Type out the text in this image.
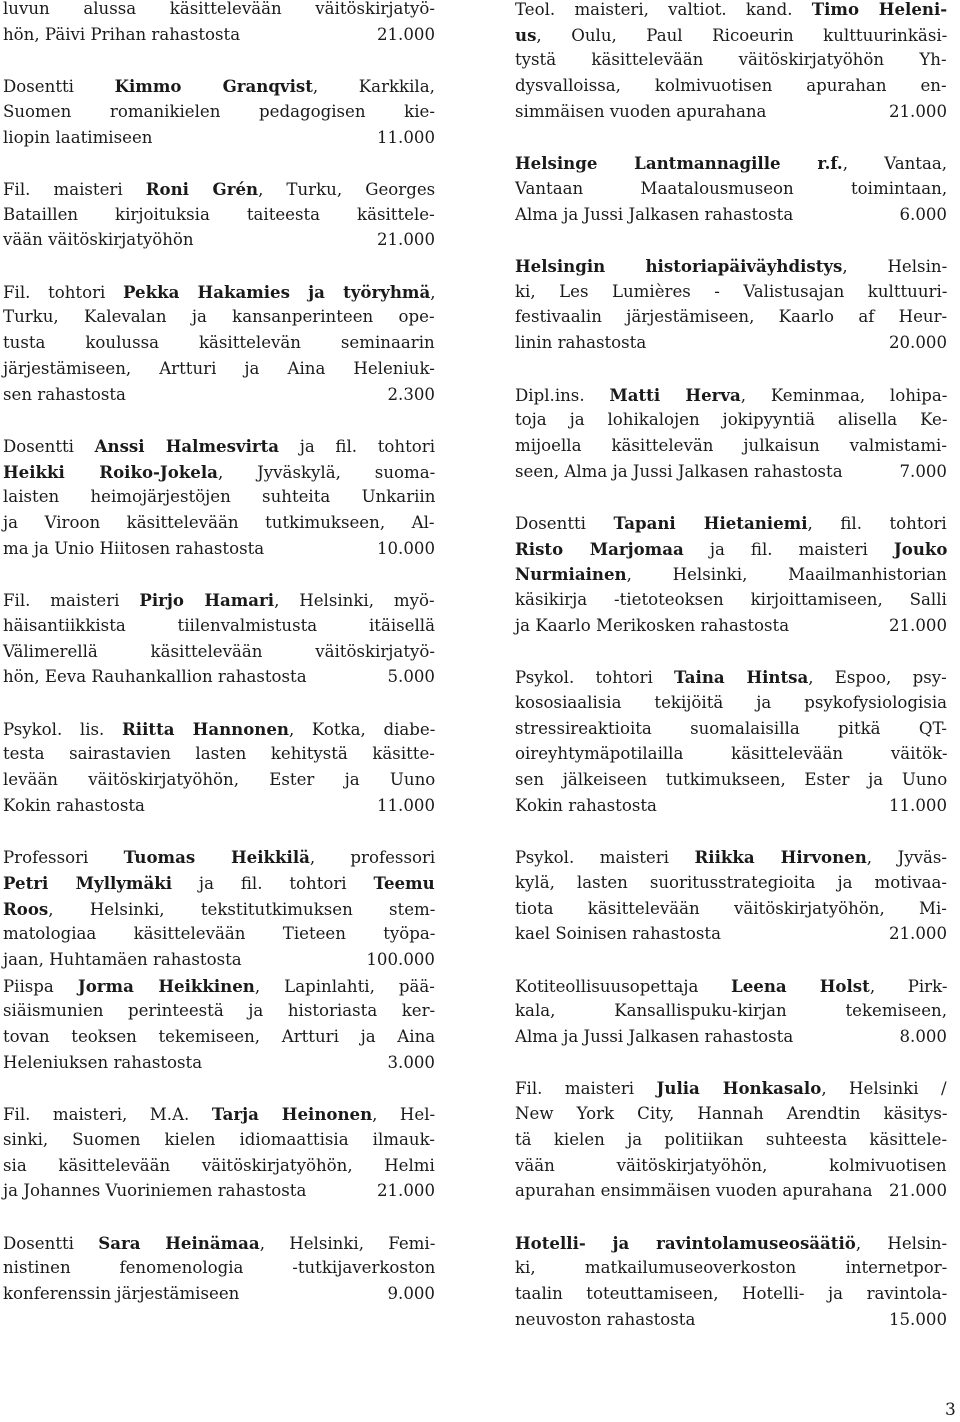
luvun alussa käsittelevään väitöskirjatyö-
hön, Päivi Prihan rahastosta	21.000
Dosentti Kimmo Granqvist, Karkkila,
Suomen romanikielen pedagogisen kie-
liopin laatimiseen	11.000
Fil. maisteri Roni Grén, Turku, Georges
Bataillen kirjoituksia taiteesta käsittele-
vään väitöskirjatyöhön	21.000
Fil. tohtori Pekka Hakamies ja työryhmä,
Turku, Kalevalan ja kansanperinteen ope-
tusta koulussa käsittelevän seminaarin
järjestämiseen, Artturi ja Aina Heleniuk-
sen rahastosta	2.300
Dosentti Anssi Halmesvirta ja fil. tohtori
Heikki Roiko-Jokela, Jyväskylä, suoma-
laisten heimojärjestöjen suhteita Unkariin
ja Viroon käsittelevään tutkimukseen, Al-
ma ja Unio Hiitosen rahastosta	10.000
Fil. maisteri Pirjo Hamari, Helsinki, myö-
häisantiikkista tiilenvalmistusta itäisellä
Välimerellä käsittelevään väitöskirjatyö-
hön, Eeva Rauhankallion rahastosta	5.000
Psykol. lis. Riitta Hannonen, Kotka, diabe-
testa sairastavien lasten kehitystä käsitte-
levään väitöskirjatyöhön, Ester ja Uuno
Kokin rahastosta	11.000
Professori Tuomas Heikkilä, professori
Petri Myllymäki ja fil. tohtori Teemu
Roos, Helsinki, tekstitutkimuksen stem-
matologiaa käsittelevään Tieteen työpa-
jaan, Huhtamäen rahastosta	100.000
Piispa Jorma Heikkinen, Lapinlahti, pää-
siäismunien perinteestä ja historiasta ker-
tovan teoksen tekemiseen, Artturi ja Aina
Heleniuksen rahastosta	3.000
Fil. maisteri, M.A. Tarja Heinonen, Hel-
sinki, Suomen kielen idiomaattisia ilmauk-
sia käsittelevään väitöskirjatyöhön, Helmi
ja Johannes Vuoriniemen rahastosta	21.000
Dosentti Sara Heinämaa, Helsinki, Femi-
nistinen fenomenologia -tutkijaverkoston
konferenssin järjestämiseen	9.000
Teol. maisteri, valtiot. kand. Timo Heleni-
us, Oulu, Paul Ricoeurin kulttuurinkäsi-
tystä käsittelevään väitöskirjatyöhön Yh-
dysvalloissa, kolmivuotisen apurahan en-
simmäisen vuoden apurahana	21.000
Helsinge Lantmannagille r.f., Vantaa,
Vantaan Maatalousmuseon toimintaan,
Alma ja Jussi Jalkasen rahastosta	6.000
Helsingin historiapäiväyhdistys, Helsin-
ki, Les Lumières - Valistusajan kulttuuri-
festivaalin järjestämiseen, Kaarlo af Heur-
linin rahastosta	20.000
Dipl.ins. Matti Herva, Keminmaa, lohipa-
toja ja lohikalojen jokipyyntiä alisella Ke-
mijoella käsittelevän julkaisun valmistami-
seen, Alma ja Jussi Jalkasen rahastosta	7.000
Dosentti Tapani Hietaniemi, fil. tohtori
Risto Marjomaa ja fil. maisteri Jouko
Nurmiainen, Helsinki, Maailmanhistorian
käsikirja -tietoteoksen kirjoittamiseen, Salli
ja Kaarlo Merikosken rahastosta	21.000
Psykol. tohtori Taina Hintsa, Espoo, psy-
kososiaalisia tekijöitä ja psykofysiologisia
stressireaktioita suomalaisilla pitkä QT-
oireyhtymäpotilailla käsittelevään väitök-
sen jälkeiseen tutkimukseen, Ester ja Uuno
Kokin rahastosta	11.000
Psykol. maisteri Riikka Hirvonen, Jyväs-
kylä, lasten suoritusstrategioita ja motivaa-
tiota käsittelevään väitöskirjatyöhön, Mi-
kael Soinisen rahastosta	21.000
Kotiteollisuusopettaja Leena Holst, Pirk-
kala, Kansallispuku-kirjan tekemiseen,
Alma ja Jussi Jalkasen rahastosta	8.000
Fil. maisteri Julia Honkasalo, Helsinki /
New York City, Hannah Arendtin käsitys-
tä kielen ja politiikan suhteesta käsittele-
vään väitöskirjatyöhön, kolmivuotisen
apurahan ensimmäisen vuoden apurahana 21.000
Hotelli- ja ravintolamuseosäätiö, Helsin-
ki, matkailumuseoverkoston internetpor-
taalin toteuttamiseen, Hotelli- ja ravintola-
neuvoston rahastosta	15.000
3
